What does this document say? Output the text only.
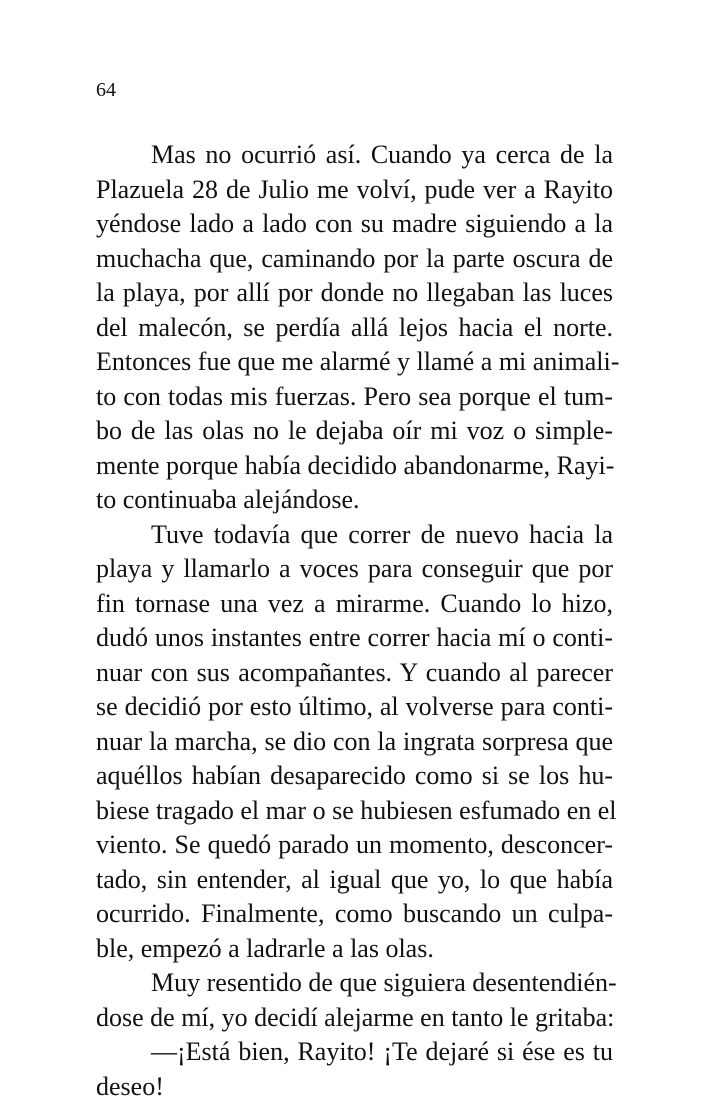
64
Mas no ocurrió así. Cuando ya cerca de la
Plazuela 28 de Julio me volví, pude ver a Rayito
yéndose lado a lado con su madre siguiendo a la
muchacha que, caminando por la parte oscura de
la playa, por allí por donde no llegaban las luces
del malecón, se perdía allá lejos hacia el norte.
Entonces fue que me alarmé y llamé a mi animali-
to con todas mis fuerzas. Pero sea porque el tum-
bo de las olas no le dejaba oír mi voz o simple-
mente porque había decidido abandonarme, Rayi-
to continuaba alejándose.
Tuve todavía que correr de nuevo hacia la
playa y llamarlo a voces para conseguir que por
fin tornase una vez a mirarme. Cuando lo hizo,
dudó unos instantes entre correr hacia mí o conti-
nuar con sus acompañantes. Y cuando al parecer
se decidió por esto último, al volverse para conti-
nuar la marcha, se dio con la ingrata sorpresa que
aquéllos habían desaparecido como si se los hu-
biese tragado el mar o se hubiesen esfumado en el
viento. Se quedó parado un momento, desconcer-
tado, sin entender, al igual que yo, lo que había
ocurrido. Finalmente, como buscando un culpa-
ble, empezó a ladrarle a las olas.
Muy resentido de que siguiera desentendién-
dose de mí, yo decidí alejarme en tanto le gritaba:
—¡Está bien, Rayito! ¡Te dejaré si ése es tu
deseo!
